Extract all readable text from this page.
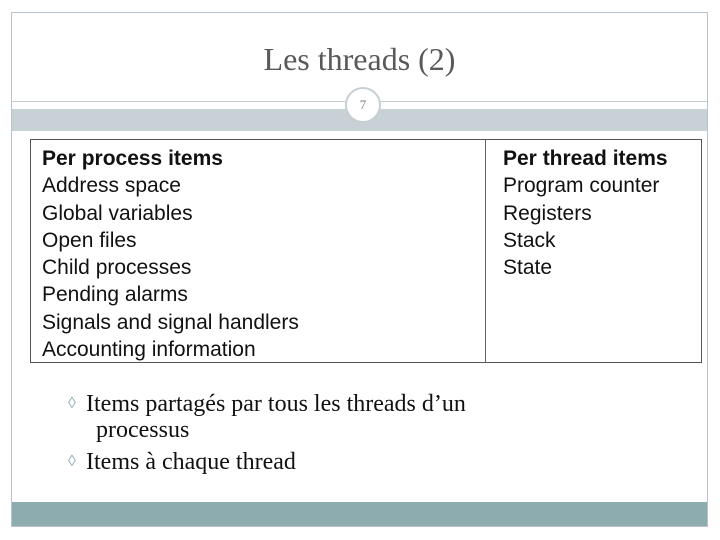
Les threads (2)
7
Per process items
Address space
Global variables
Open files
Child processes
Pending alarms
Signals and signal handlers
Accounting information
Per thread items
Program counter
Registers
Stack
State
◊ Items partagés par tous les threads d’un
processus
◊ Items à chaque thread
